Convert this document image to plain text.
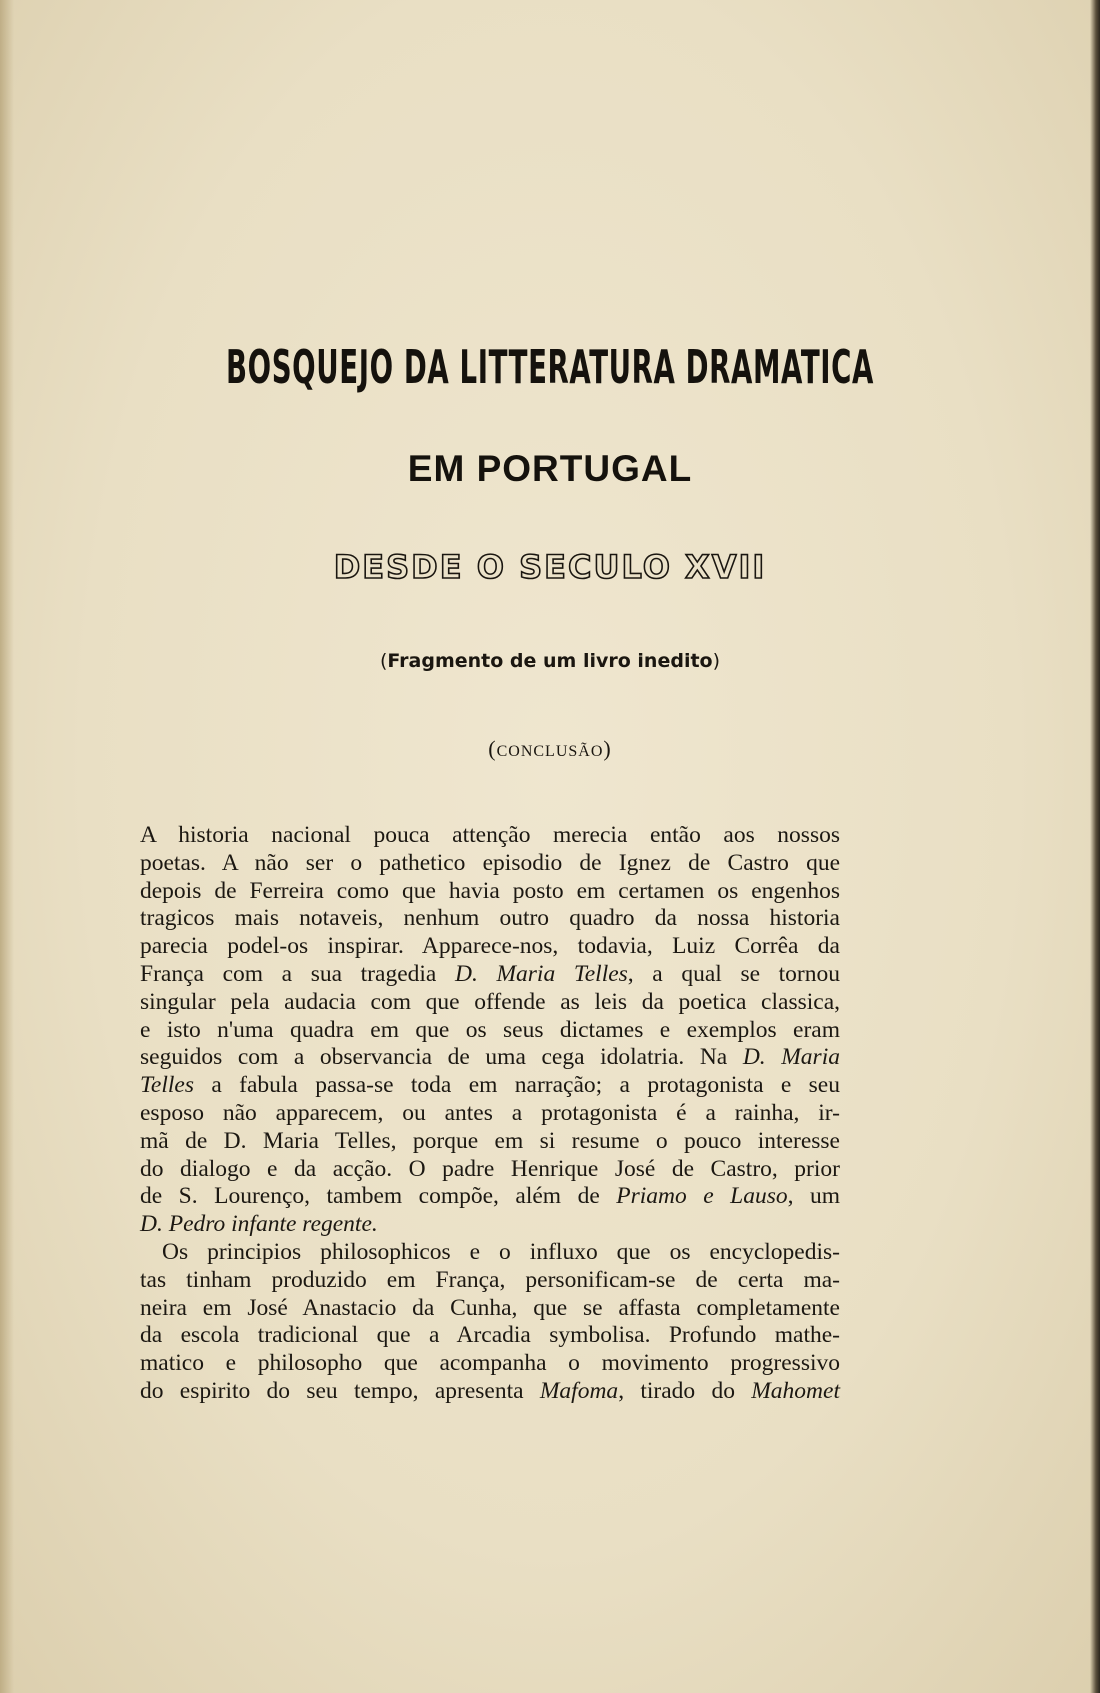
BOSQUEJO DA LITTERATURA DRAMATICA
EM PORTUGAL
DESDE O SECULO XVII
(Fragmento de um livro inedito)
(CONCLUSÃO)
A historia nacional pouca attenção merecia então aos nossos
poetas. A não ser o pathetico episodio de Ignez de Castro que
depois de Ferreira como que havia posto em certamen os engenhos
tragicos mais notaveis, nenhum outro quadro da nossa historia
parecia podel-os inspirar. Apparece-nos, todavia, Luiz Corrêa da
França com a sua tragedia D. Maria Telles, a qual se tornou
singular pela audacia com que offende as leis da poetica classica,
e isto n'uma quadra em que os seus dictames e exemplos eram
seguidos com a observancia de uma cega idolatria. Na D. Maria
Telles a fabula passa-se toda em narração; a protagonista e seu
esposo não apparecem, ou antes a protagonista é a rainha, ir-
mã de D. Maria Telles, porque em si resume o pouco interesse
do dialogo e da acção. O padre Henrique José de Castro, prior
de S. Lourenço, tambem compõe, além de Priamo e Lauso, um
D. Pedro infante regente.
Os principios philosophicos e o influxo que os encyclopedis-
tas tinham produzido em França, personificam-se de certa ma-
neira em José Anastacio da Cunha, que se affasta completamente
da escola tradicional que a Arcadia symbolisa. Profundo mathe-
matico e philosopho que acompanha o movimento progressivo
do espirito do seu tempo, apresenta Mafoma, tirado do Mahomet
